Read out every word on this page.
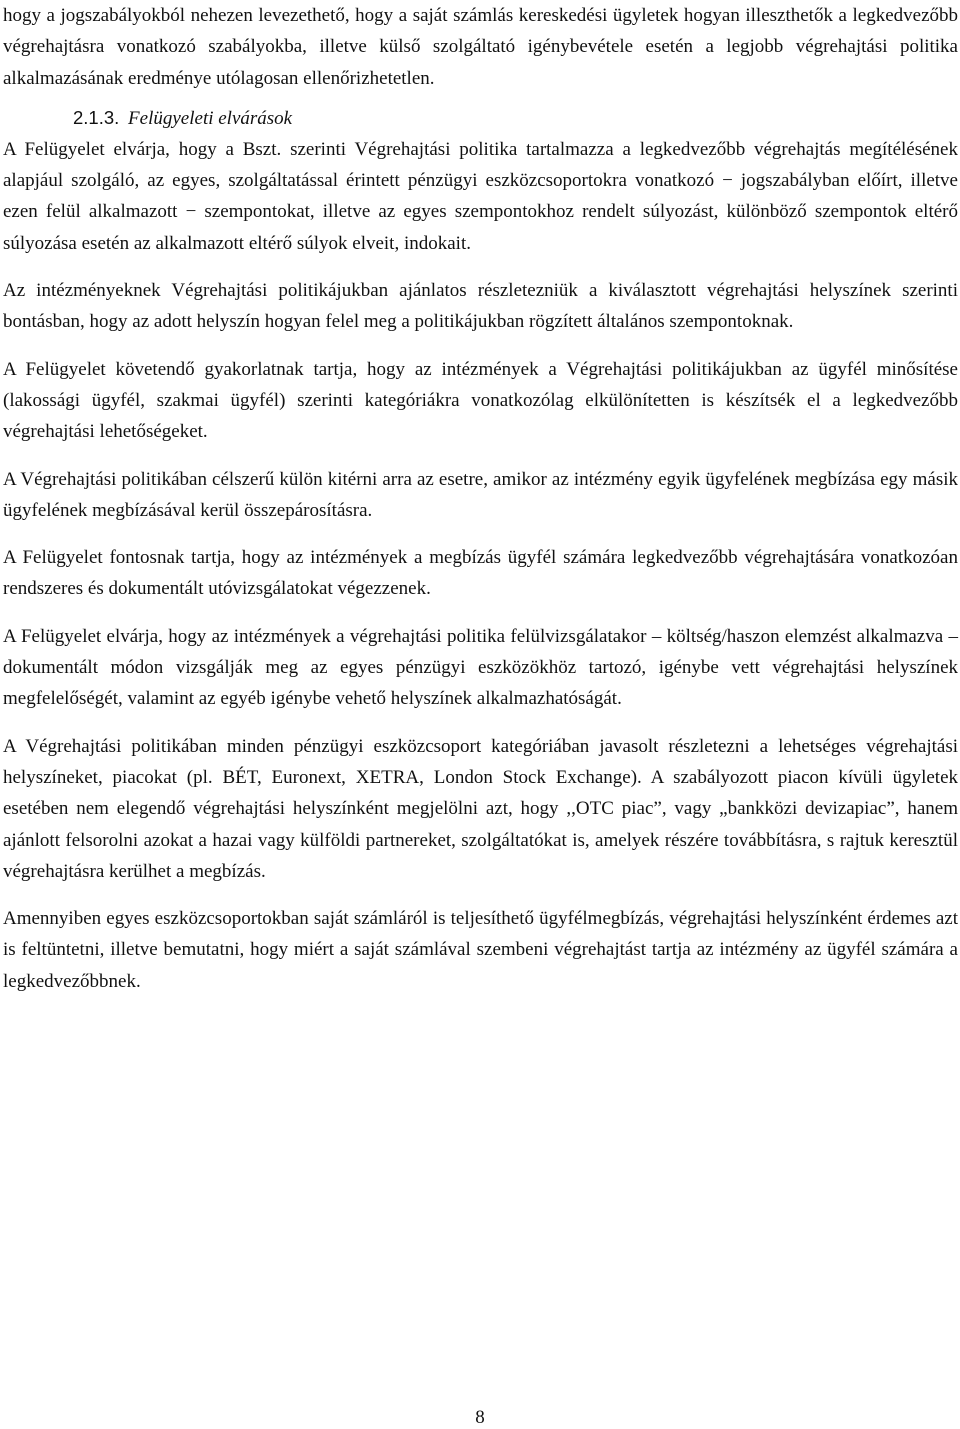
hogy a jogszabályokból nehezen levezethető, hogy a saját számlás kereskedési ügyletek hogyan illeszthetők a legkedvezőbb végrehajtásra vonatkozó szabályokba, illetve külső szolgáltató igénybevétele esetén a legjobb végrehajtási politika alkalmazásának eredménye utólagosan ellenőrizhetetlen.

2.1.3. Felügyeleti elvárások

A Felügyelet elvárja, hogy a Bszt. szerinti Végrehajtási politika tartalmazza a legkedvezőbb végrehajtás megítélésének alapjául szolgáló, az egyes, szolgáltatással érintett pénzügyi eszközcsoportokra vonatkozó − jogszabályban előírt, illetve ezen felül alkalmazott − szempontokat, illetve az egyes szempontokhoz rendelt súlyozást, különböző szempontok eltérő súlyozása esetén az alkalmazott eltérő súlyok elveit, indokait.

Az intézményeknek Végrehajtási politikájukban ajánlatos részletezniük a kiválasztott végrehajtási helyszínek szerinti bontásban, hogy az adott helyszín hogyan felel meg a politikájukban rögzített általános szempontoknak.

A Felügyelet követendő gyakorlatnak tartja, hogy az intézmények a Végrehajtási politikájukban az ügyfél minősítése (lakossági ügyfél, szakmai ügyfél) szerinti kategóriákra vonatkozólag elkülönítetten is készítsék el a legkedvezőbb végrehajtási lehetőségeket.

A Végrehajtási politikában célszerű külön kitérni arra az esetre, amikor az intézmény egyik ügyfelének megbízása egy másik ügyfelének megbízásával kerül összepárosításra.

A Felügyelet fontosnak tartja, hogy az intézmények a megbízás ügyfél számára legkedvezőbb végrehajtására vonatkozóan rendszeres és dokumentált utóvizsgálatokat végezzenek.

A Felügyelet elvárja, hogy az intézmények a végrehajtási politika felülvizsgálatakor – költség/haszon elemzést alkalmazva – dokumentált módon vizsgálják meg az egyes pénzügyi eszközökhöz tartozó, igénybe vett végrehajtási helyszínek megfelelőségét, valamint az egyéb igénybe vehető helyszínek alkalmazhatóságát.

A Végrehajtási politikában minden pénzügyi eszközcsoport kategóriában javasolt részletezni a lehetséges végrehajtási helyszíneket, piacokat (pl. BÉT, Euronext, XETRA, London Stock Exchange). A szabályozott piacon kívüli ügyletek esetében nem elegendő végrehajtási helyszínként megjelölni azt, hogy ,,OTC piac”, vagy „bankközi devizapiac”, hanem ajánlott felsorolni azokat a hazai vagy külföldi partnereket, szolgáltatókat is, amelyek részére továbbításra, s rajtuk keresztül végrehajtásra kerülhet a megbízás.

Amennyiben egyes eszközcsoportokban saját számláról is teljesíthető ügyfélmegbízás, végrehajtási helyszínként érdemes azt is feltüntetni, illetve bemutatni, hogy miért a saját számlával szembeni végrehajtást tartja az intézmény az ügyfél számára a legkedvezőbbnek.

8
